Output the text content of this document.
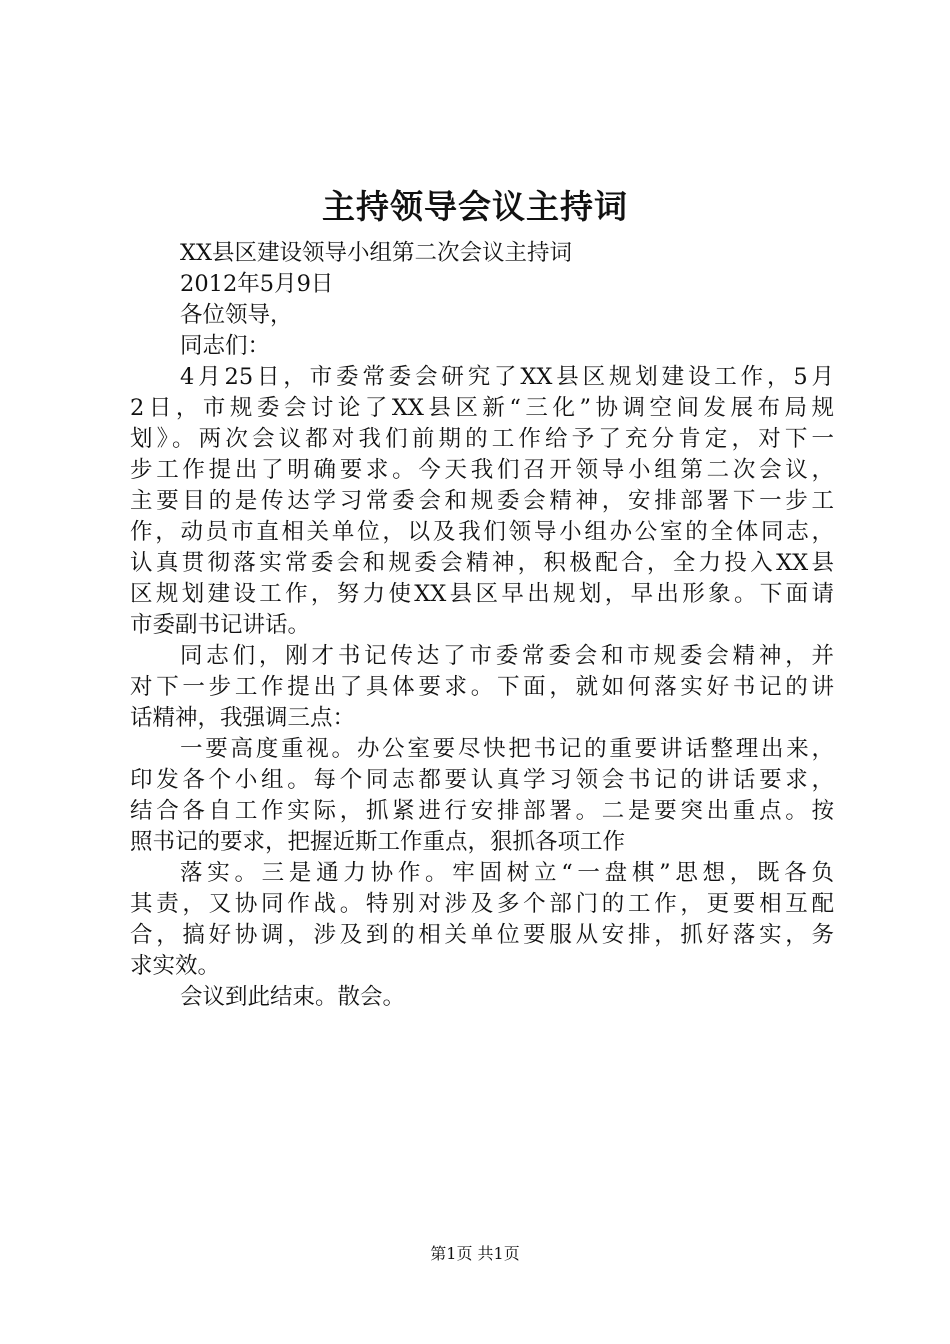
主持领导会议主持词
XX县区建设领导小组第二次会议主持词
2012年5月9日
各位领导，
同志们：
4月25日，市委常委会研究了XX县区规划建设工作，5月
2日，市规委会讨论了XX县区新“三化”协调空间发展布局规
划》。两次会议都对我们前期的工作给予了充分肯定，对下一
步工作提出了明确要求。今天我们召开领导小组第二次会议，
主要目的是传达学习常委会和规委会精神，安排部署下一步工
作，动员市直相关单位，以及我们领导小组办公室的全体同志，
认真贯彻落实常委会和规委会精神，积极配合，全力投入XX县
区规划建设工作，努力使XX县区早出规划，早出形象。下面请
市委副书记讲话。
同志们，刚才书记传达了市委常委会和市规委会精神，并
对下一步工作提出了具体要求。下面，就如何落实好书记的讲
话精神，我强调三点：
一要高度重视。办公室要尽快把书记的重要讲话整理出来，
印发各个小组。每个同志都要认真学习领会书记的讲话要求，
结合各自工作实际，抓紧进行安排部署。二是要突出重点。按
照书记的要求，把握近斯工作重点，狠抓各项工作
落实。三是通力协作。牢固树立“一盘棋”思想，既各负
其责，又协同作战。特别对涉及多个部门的工作，更要相互配
合，搞好协调，涉及到的相关单位要服从安排，抓好落实，务
求实效。
会议到此结束。散会。
第1页 共1页
